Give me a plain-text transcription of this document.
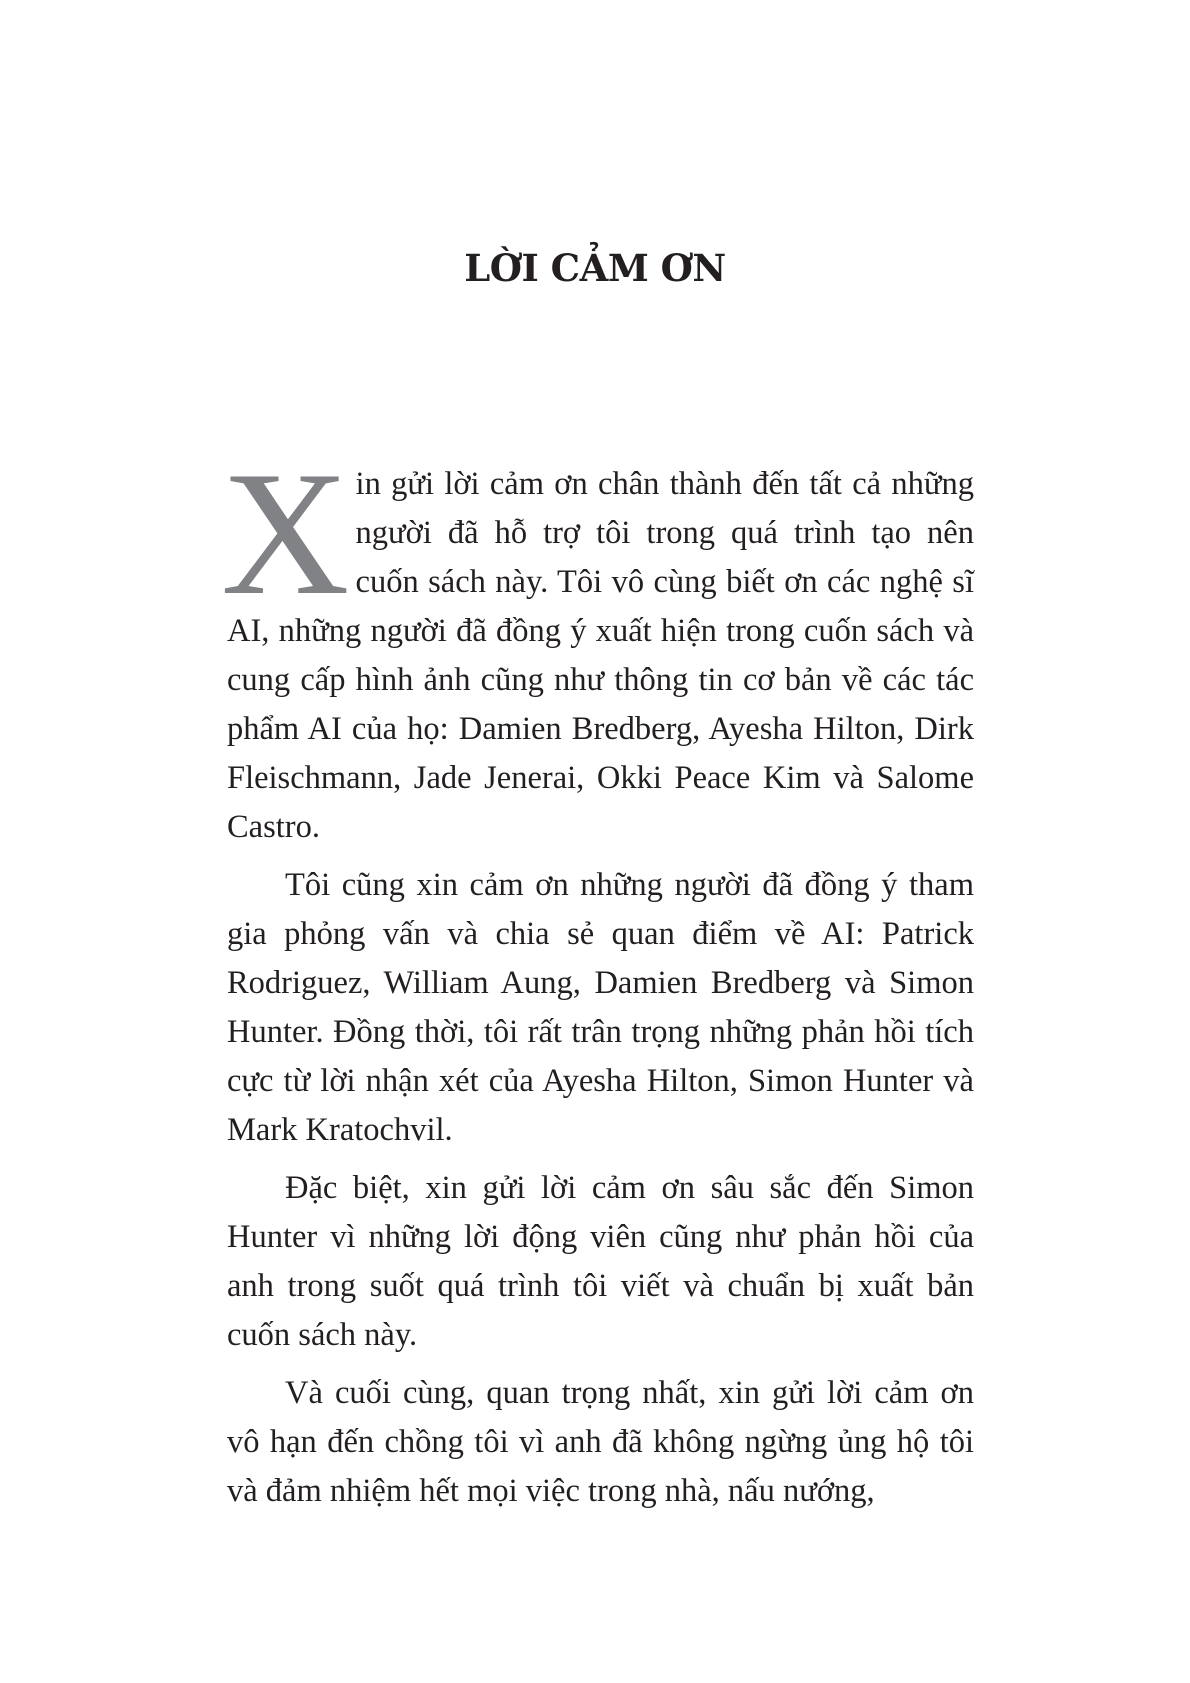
LỜI CẢM ƠN

Xin gửi lời cảm ơn chân thành đến tất cả những người đã hỗ trợ tôi trong quá trình tạo nên cuốn sách này. Tôi vô cùng biết ơn các nghệ sĩ AI, những người đã đồng ý xuất hiện trong cuốn sách và cung cấp hình ảnh cũng như thông tin cơ bản về các tác phẩm AI của họ: Damien Bredberg, Ayesha Hilton, Dirk Fleischmann, Jade Jenerai, Okki Peace Kim và Salome Castro.

Tôi cũng xin cảm ơn những người đã đồng ý tham gia phỏng vấn và chia sẻ quan điểm về AI: Patrick Rodriguez, William Aung, Damien Bredberg và Simon Hunter. Đồng thời, tôi rất trân trọng những phản hồi tích cực từ lời nhận xét của Ayesha Hilton, Simon Hunter và Mark Kratochvil.

Đặc biệt, xin gửi lời cảm ơn sâu sắc đến Simon Hunter vì những lời động viên cũng như phản hồi của anh trong suốt quá trình tôi viết và chuẩn bị xuất bản cuốn sách này.

Và cuối cùng, quan trọng nhất, xin gửi lời cảm ơn vô hạn đến chồng tôi vì anh đã không ngừng ủng hộ tôi và đảm nhiệm hết mọi việc trong nhà, nấu nướng,
